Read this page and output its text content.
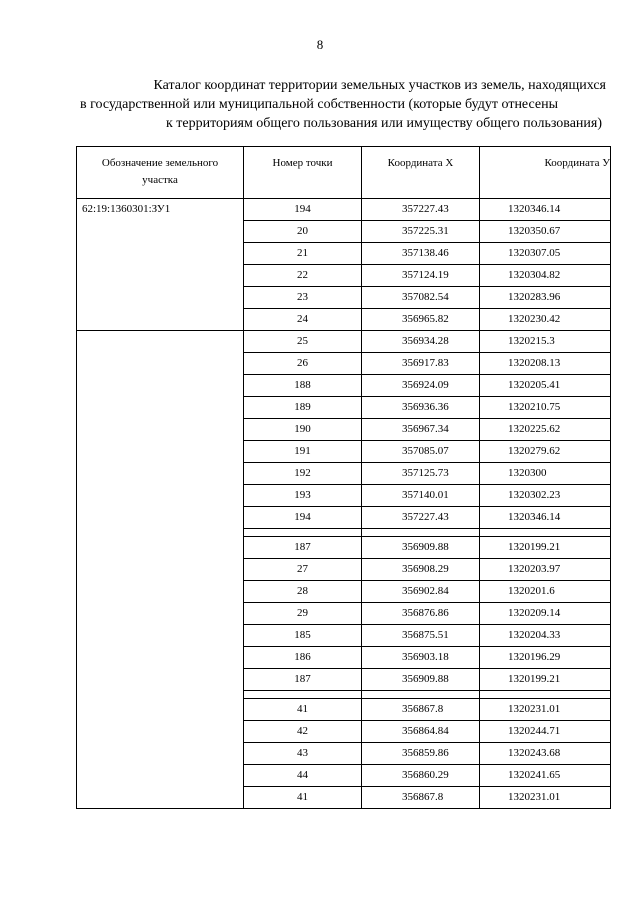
8
Каталог координат территории земельных участков из земель, находящихся
в государственной или муниципальной собственности (которые будут отнесены
к территориям общего пользования или имуществу общего пользования)
Обозначение земельного
участка	Номер точки	Координата Х	Координата У
62:19:1360301:ЗУ1	194	357227.43	1320346.14
	20	357225.31	1320350.67
	21	357138.46	1320307.05
	22	357124.19	1320304.82
	23	357082.54	1320283.96
	24	356965.82	1320230.42
	25	356934.28	1320215.3
	26	356917.83	1320208.13
	188	356924.09	1320205.41
	189	356936.36	1320210.75
	190	356967.34	1320225.62
	191	357085.07	1320279.62
	192	357125.73	1320300
	193	357140.01	1320302.23
	194	357227.43	1320346.14

	187	356909.88	1320199.21
	27	356908.29	1320203.97
	28	356902.84	1320201.6
	29	356876.86	1320209.14
	185	356875.51	1320204.33
	186	356903.18	1320196.29
	187	356909.88	1320199.21

	41	356867.8	1320231.01
	42	356864.84	1320244.71
	43	356859.86	1320243.68
	44	356860.29	1320241.65
	41	356867.8	1320231.01
